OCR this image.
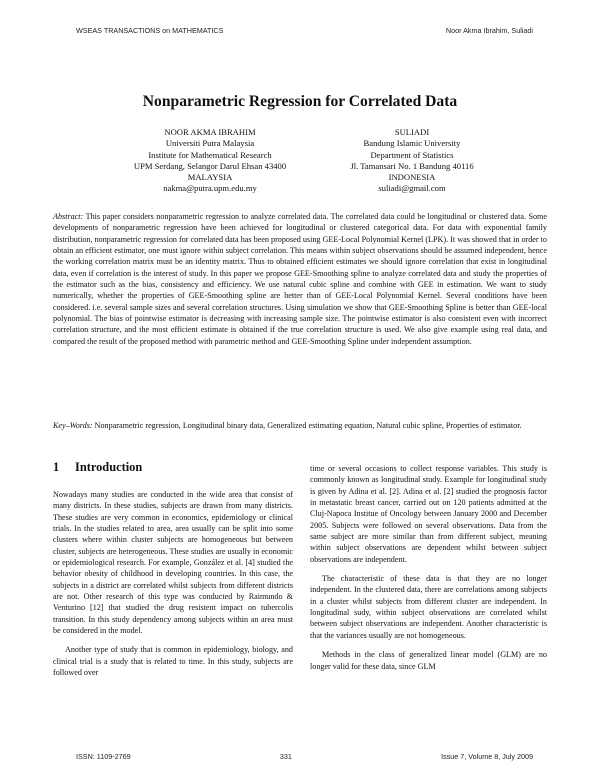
WSEAS TRANSACTIONS on MATHEMATICS	Noor Akma Ibrahim, Suliadi
Nonparametric Regression for Correlated Data
NOOR AKMA IBRAHIM
Universiti Putra Malaysia
Institute for Mathematical Research
UPM Serdang, Selangor Darul Ehsan 43400
MALAYSIA
nakma@putra.upm.edu.my
SULIADI
Bandung Islamic University
Department of Statistics
Jl. Tamansari No. 1 Bandung 40116
INDONESIA
suliadi@gmail.com
Abstract: This paper considers nonparametric regression to analyze correlated data. The correlated data could be longitudinal or clustered data. Some developments of nonparametric regression have been achieved for longitudinal or clustered categorical data. For data with exponential family distribution, nonparametric regression for correlated data has been proposed using GEE-Local Polynomial Kernel (LPK). It was showed that in order to obtain an efficient estimator, one must ignore within subject correlation. This means within subject observations should be assumed independent, hence the working correlation matrix must be an identity matrix. Thus to obtained efficient estimates we should ignore correlation that exist in longitudinal data, even if correlation is the interest of study. In this paper we propose GEE-Smoothing spline to analyze correlated data and study the properties of the estimator such as the bias, consistency and efficiency. We use natural cubic spline and combine with GEE in estimation. We want to study numerically, whether the properties of GEE-Smoothing spline are better than of GEE-Local Polynomial Kernel. Several conditions have been considered. i.e. several sample sizes and several correlation structures. Using simulation we show that GEE-Smoothing Spline is better than GEE-local polynomial. The bias of pointwise estimator is decreasing with increasing sample size. The pointwise estimator is also consistent even with incorrect correlation structure, and the most efficient estimate is obtained if the true correlation structure is used. We also give example using real data, and compared the result of the proposed method with parametric method and GEE-Smoothing Spline under independent assumption.
Key–Words: Nonparametric regression, Longitudinal binary data, Generalized estimating equation, Natural cubic spline, Properties of estimator.
1 Introduction

Nowadays many studies are conducted in the wide area that consist of many districts. In these studies, subjects are drawn from many districts. These studies are very common in economics, epidemiology or clinical trials. In the studies related to area, area usually can be split into some clusters where within cluster subjects are homogeneous but between cluster, subjects are heterogeneous. These studies are usually in economic or epidemiological research. For example, González et al. [4] studied the behavior obesity of childhood in developing countries. In this case, the subjects in a district are correlated whilst subjects from different districts are not. Other research of this type was conducted by Raimundo & Venturino [12] that studied the drug resistent impact on tubercolis transition. In this study dependency among subjects within an area must be considered in the model.

Another type of study that is common in epidemiology, biology, and clinical trial is a study that is related to time. In this study, subjects are followed over

time or several occasions to collect response variables. This study is commonly known as longitudinal study. Example for longitudinal study is given by Adina et al. [2]. Adina et al. [2] studied the prognosis factor in metastatic breast cancer, carried out on 120 patients admitted at the Cluj-Napoca Institue of Oncology between January 2000 and December 2005. Subjects were followed on several observations. Data from the same subject are more similar than from different subject, meaning within subject observations are dependent whilst between subject observations are independent.

The characteristic of these data is that they are no longer independent. In the clustered data, there are correlations among subjects in a cluster whilst subjects from different cluster are independent. In longitudinal sudy, within subject observations are correlated whilst between subject observations are independent. Another characteristic is that the variances usually are not homogeneous.

Methods in the class of generalized linear model (GLM) are no longer valid for these data, since GLM

ISSN: 1109-2769	331	Issue 7, Volume 8, July 2009
